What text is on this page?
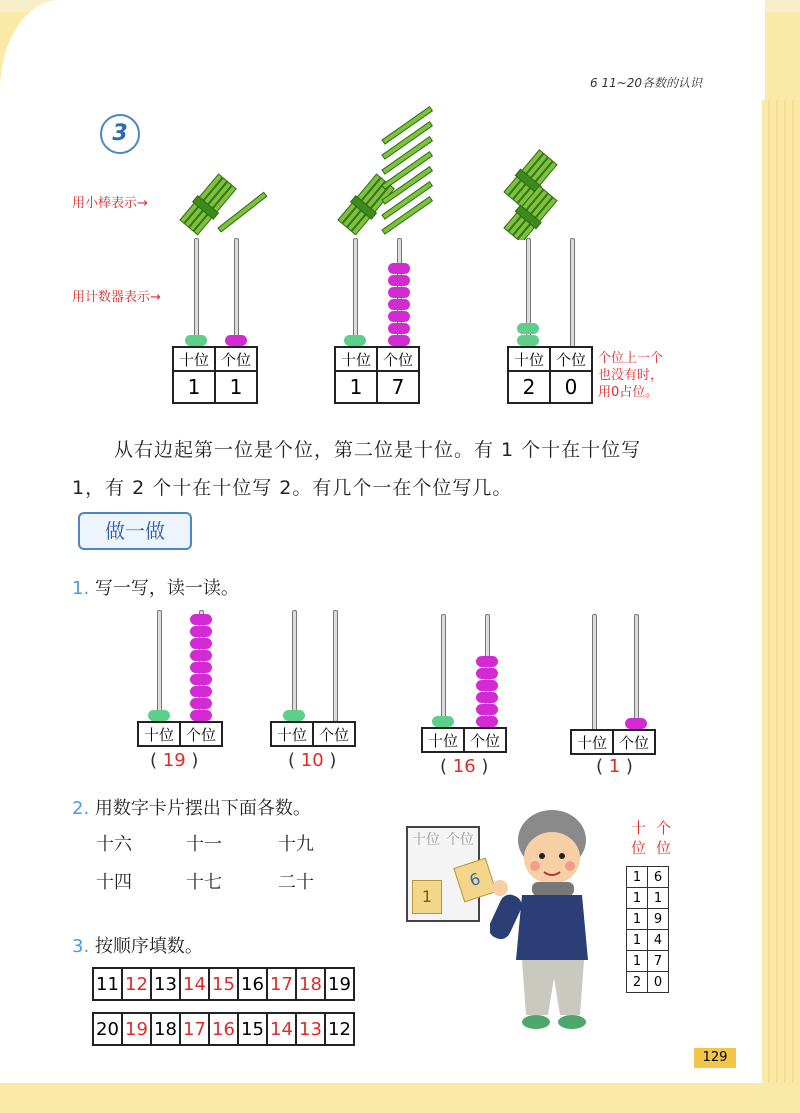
6 11~20各数的认识
3
用小棒表示→
用计数器表示→
十位	个位
1	1
十位	个位
1	7
十位	个位
2	0
个位上一个
也没有时，
用0占位。
从右边起第一位是个位，第二位是十位。有 1 个十在十位写
1，有 2 个十在十位写 2。有几个一在个位写几。
做一做
1. 写一写，读一读。
十位	个位
( 19 )
十位	个位
( 10 )
十位	个位
( 16 )
十位	个位
( 1 )
2. 用数字卡片摆出下面各数。
十六	十一	十九
十四	十七	二十
十位 个位
1
6
十个
位位
1	6
1	1
1	9
1	4
1	7
2	0
3. 按顺序填数。
11	12	13	14	15	16	17	18	19
20	19	18	17	16	15	14	13	12
129
